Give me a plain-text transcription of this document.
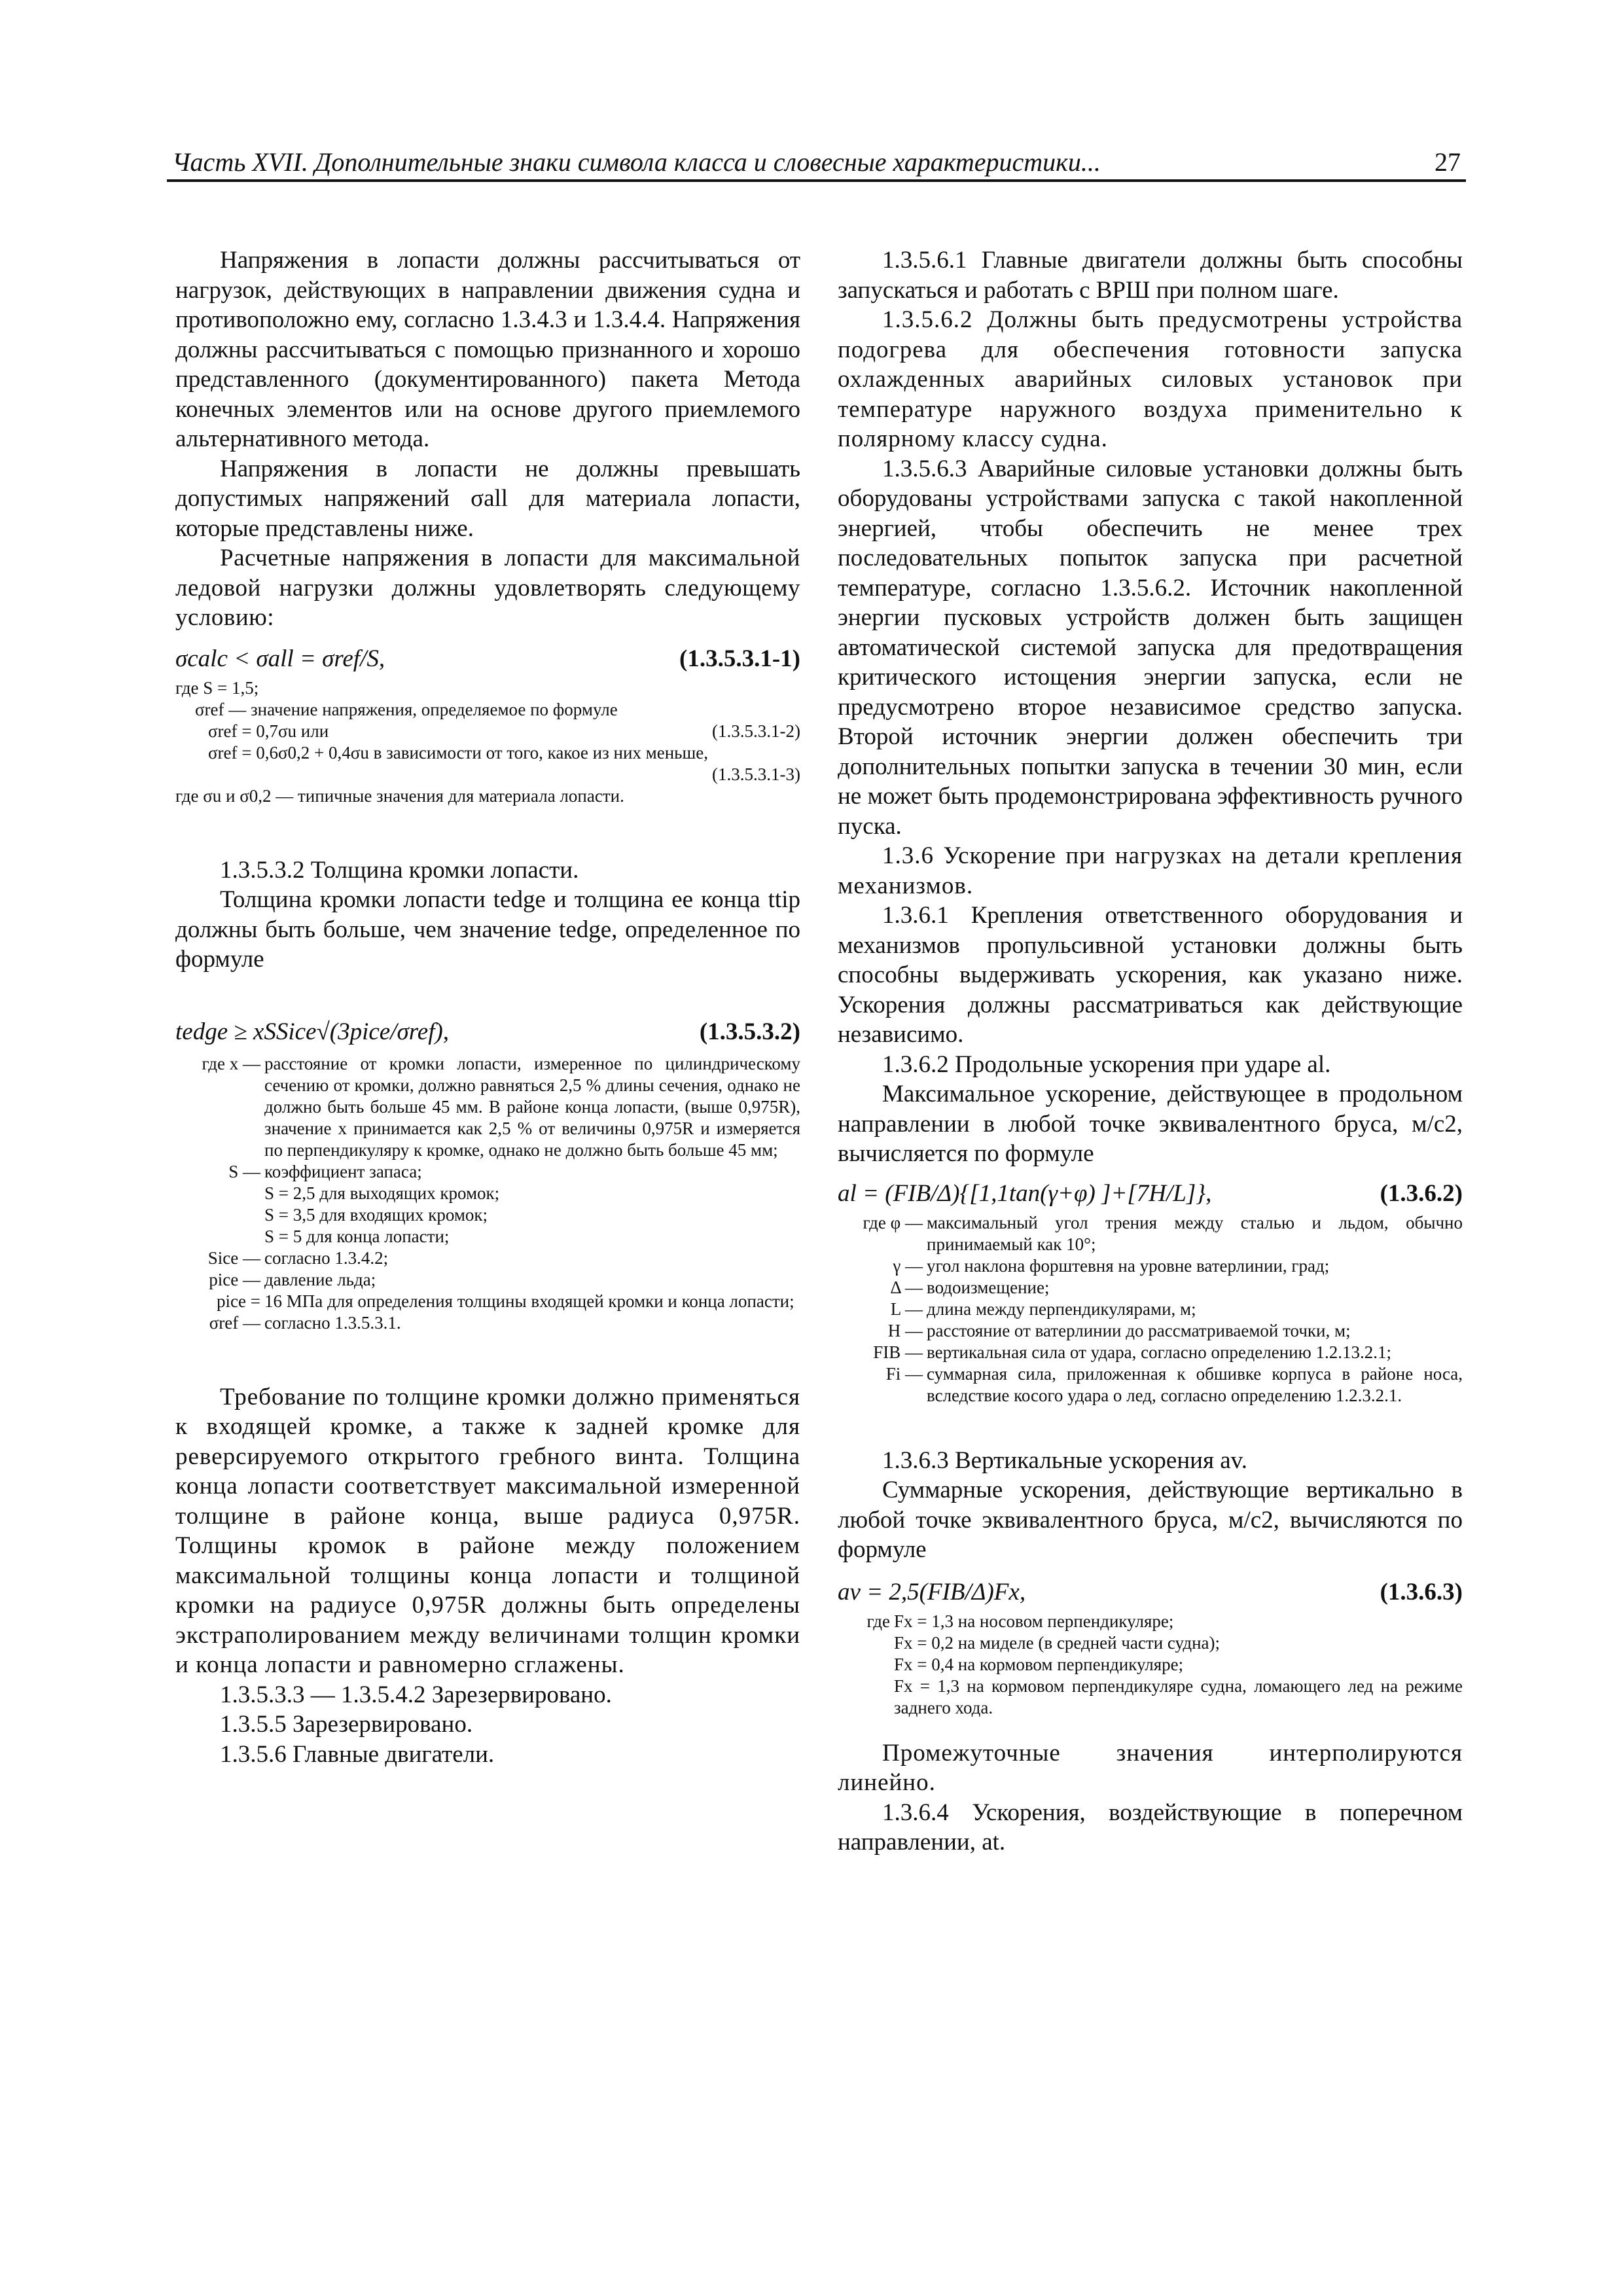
Часть XVII. Дополнительные знаки символа класса и словесные характеристики...	27

Напряжения в лопасти должны рассчитываться от нагрузок, действующих в направлении движения судна и противоположно ему, согласно 1.3.4.3 и 1.3.4.4. Напряжения должны рассчитываться с помощью признанного и хорошо представленного (документированного) пакета Метода конечных элементов или на основе другого приемлемого альтернативного метода.

Напряжения в лопасти не должны превышать допустимых напряжений σall для материала лопасти, которые представлены ниже.

Расчетные напряжения в лопасти для максимальной ледовой нагрузки должны удовлетворять следующему условию:

σcalc < σall = σref/S,	(1.3.5.3.1-1)
где S = 1,5;
σref — значение напряжения, определяемое по формуле
σref = 0,7σu или	(1.3.5.3.1-2)
σref = 0,6σ0,2 + 0,4σu в зависимости от того, какое из них меньше,
(1.3.5.3.1-3)
где σu и σ0,2 — типичные значения для материала лопасти.

1.3.5.3.2 Толщина кромки лопасти.

Толщина кромки лопасти tedge и толщина ее конца ttip должны быть больше, чем значение tedge, определенное по формуле

tedge ≥ xSSice√(3pice/σref),	(1.3.5.3.2)
где x —	расстояние от кромки лопасти, измеренное по цилиндрическому сечению от кромки, должно равняться 2,5 % длины сечения, однако не должно быть больше 45 мм. В районе конца лопасти, (выше 0,975R), значение x принимается как 2,5 % от величины 0,975R и измеряется по перпендикуляру к кромке, однако не должно быть больше 45 мм;
S —	коэффициент запаса;
	S = 2,5 для выходящих кромок;
	S = 3,5 для входящих кромок;
	S = 5 для конца лопасти;
Sice —	согласно 1.3.4.2;
pice —	давление льда;
pice =	16 МПа для определения толщины входящей кромки и конца лопасти;
σref —	согласно 1.3.5.3.1.

Требование по толщине кромки должно применяться к входящей кромке, а также к задней кромке для реверсируемого открытого гребного винта. Толщина конца лопасти соответствует максимальной измеренной толщине в районе конца, выше радиуса 0,975R. Толщины кромок в районе между положением максимальной толщины конца лопасти и толщиной кромки на радиусе 0,975R должны быть определены экстраполированием между величинами толщин кромки и конца лопасти и равномерно сглажены.

1.3.5.3.3 — 1.3.5.4.2 Зарезервировано.

1.3.5.5 Зарезервировано.

1.3.5.6 Главные двигатели.

1.3.5.6.1 Главные двигатели должны быть способны запускаться и работать с ВРШ при полном шаге.

1.3.5.6.2 Должны быть предусмотрены устройства подогрева для обеспечения готовности запуска охлажденных аварийных силовых установок при температуре наружного воздуха применительно к полярному классу судна.

1.3.5.6.3 Аварийные силовые установки должны быть оборудованы устройствами запуска с такой накопленной энергией, чтобы обеспечить не менее трех последовательных попыток запуска при расчетной температуре, согласно 1.3.5.6.2. Источник накопленной энергии пусковых устройств должен быть защищен автоматической системой запуска для предотвращения критического истощения энергии запуска, если не предусмотрено второе независимое средство запуска. Второй источник энергии должен обеспечить три дополнительных попытки запуска в течении 30 мин, если не может быть продемонстрирована эффективность ручного пуска.

1.3.6 Ускорение при нагрузках на детали крепления механизмов.

1.3.6.1 Крепления ответственного оборудования и механизмов пропульсивной установки должны быть способны выдерживать ускорения, как указано ниже. Ускорения должны рассматриваться как действующие независимо.

1.3.6.2 Продольные ускорения при ударе al.

Максимальное ускорение, действующее в продольном направлении в любой точке эквивалентного бруса, м/с2, вычисляется по формуле

al = (FIB/Δ){[1,1tan(γ+φ) ]+[7H/L]},	(1.3.6.2)
где φ —	максимальный угол трения между сталью и льдом, обычно принимаемый как 10°;
γ —	угол наклона форштевня на уровне ватерлинии, град;
Δ —	водоизмещение;
L —	длина между перпендикулярами, м;
H —	расстояние от ватерлинии до рассматриваемой точки, м;
FIB —	вертикальная сила от удара, согласно определению 1.2.13.2.1;
Fi —	суммарная сила, приложенная к обшивке корпуса в районе носа, вследствие косого удара о лед, согласно определению 1.2.3.2.1.

1.3.6.3 Вертикальные ускорения av.

Суммарные ускорения, действующие вертикально в любой точке эквивалентного бруса, м/с2, вычисляются по формуле

av = 2,5(FIB/Δ)Fx,	(1.3.6.3)
где	Fx = 1,3 на носовом перпендикуляре;
	Fx = 0,2 на миделе (в средней части судна);
	Fx = 0,4 на кормовом перпендикуляре;
	Fx = 1,3 на кормовом перпендикуляре судна, ломающего лед на режиме заднего хода.

Промежуточные значения интерполируются линейно.

1.3.6.4 Ускорения, воздействующие в поперечном направлении, at.
